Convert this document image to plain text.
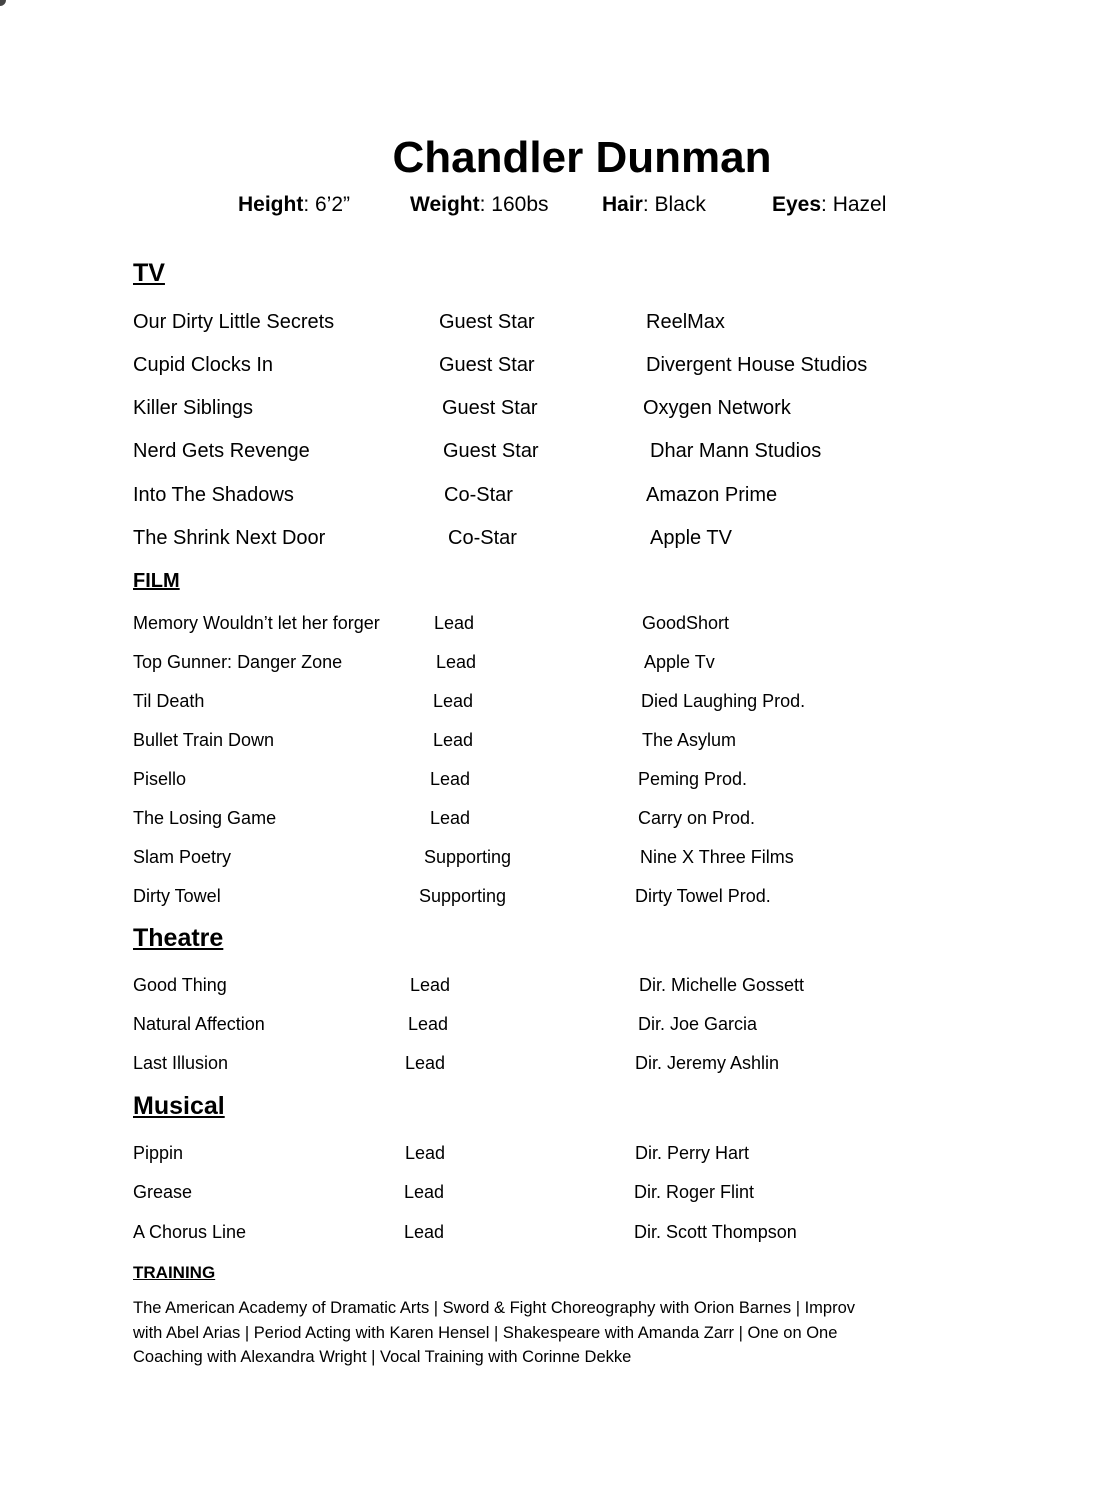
Chandler Dunman
Height: 6’2”	Weight: 160bs	Hair: Black	Eyes: Hazel
TV
Our Dirty Little Secrets	Guest Star	ReelMax
Cupid Clocks In	Guest Star	Divergent House Studios
Killer Siblings	Guest Star	Oxygen Network
Nerd Gets Revenge	Guest Star	Dhar Mann Studios
Into The Shadows	Co-Star	Amazon Prime
The Shrink Next Door	Co-Star	Apple TV
FILM
Memory Wouldn’t let her forger	Lead	GoodShort
Top Gunner: Danger Zone	Lead	Apple Tv
Til Death	Lead	Died Laughing Prod.
Bullet Train Down	Lead	The Asylum
Pisello	Lead	Peming Prod.
The Losing Game	Lead	Carry on Prod.
Slam Poetry	Supporting	Nine X Three Films
Dirty Towel	Supporting	Dirty Towel Prod.
Theatre
Good Thing	Lead	Dir. Michelle Gossett
Natural Affection	Lead	Dir. Joe Garcia
Last Illusion	Lead	Dir. Jeremy Ashlin
Musical
Pippin	Lead	Dir. Perry Hart
Grease	Lead	Dir. Roger Flint
A Chorus Line	Lead	Dir. Scott Thompson
TRAINING
The American Academy of Dramatic Arts | Sword & Fight Choreography with Orion Barnes | Improv with Abel Arias | Period Acting with Karen Hensel | Shakespeare with Amanda Zarr | One on One Coaching with Alexandra Wright | Vocal Training with Corinne Dekke
